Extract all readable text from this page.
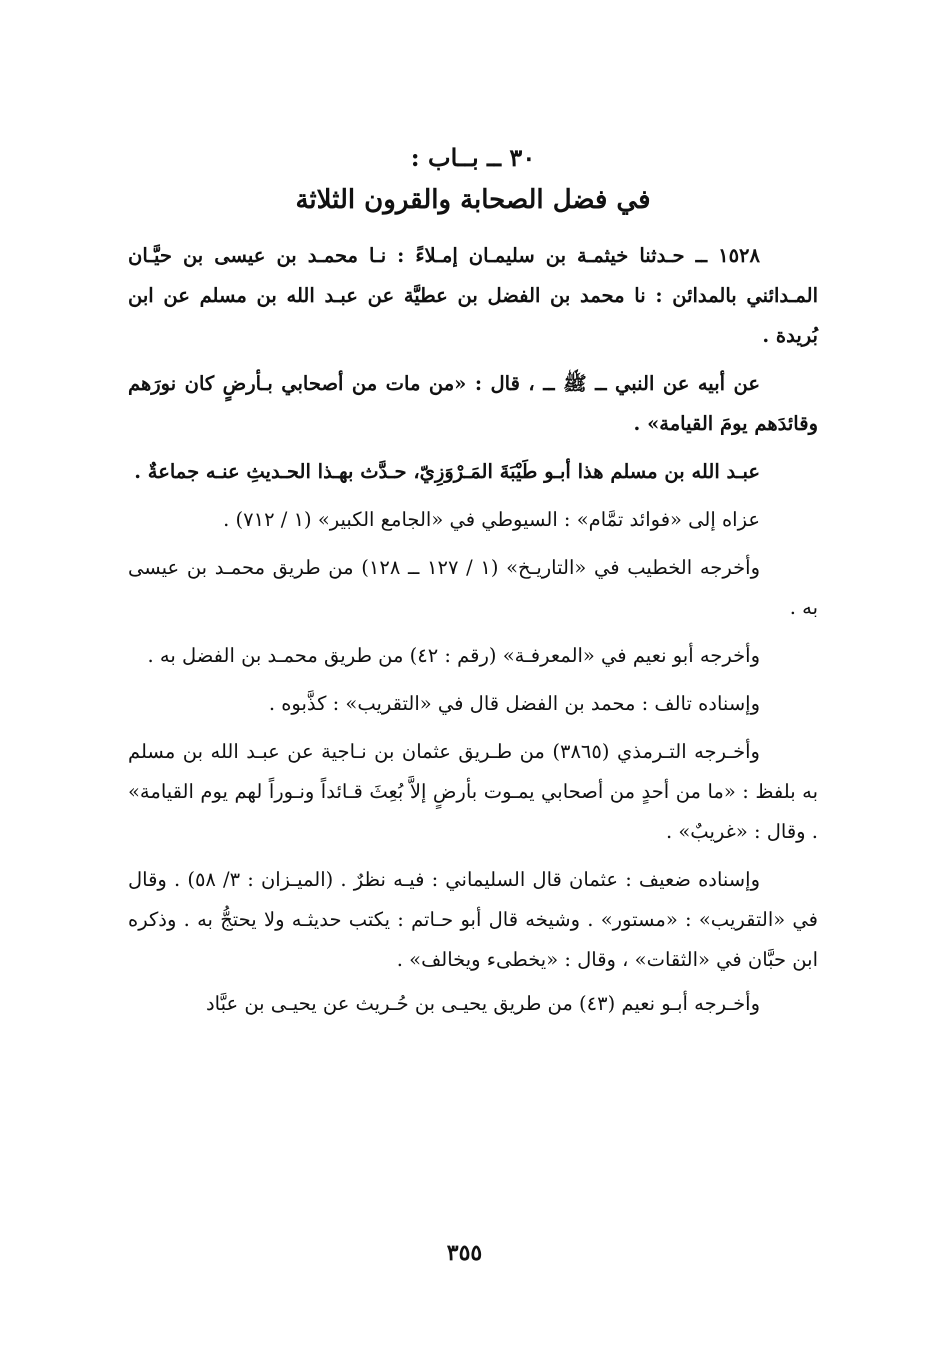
٣٠ ــ بــاب :
في فضل الصحابة والقرون الثلاثة

١٥٢٨ ــ حـدثنا خيثمـة بن سليمـان إمـلاءً : نـا محمـد بن عيسى بن حيَّـان المـدائني بالمدائن : نا محمد بن الفضل بن عطيَّة عن عبـد الله بن مسلم عن ابن بُريدة .

عن أبيه عن النبي ــ ﷺ ــ ، قال : «من مات من أصحابي بـأرضٍ كان نورَهم وقائدَهم يومَ القيامة» .

عبـد الله بن مسلم هذا أبـو طَيْبَةَ المَـرْوَزِيّ، حـدَّث بهـذا الحـديثِ عنـه جماعةٌ .

عزاه إلى «فوائد تمَّام» : السيوطي في «الجامع الكبير» (١ / ٧١٢) .

وأخرجه الخطيب في «التاريـخ» (١ / ١٢٧ ــ ١٢٨) من طريق محمـد بن عيسى به .

وأخرجه أبو نعيم في «المعرفـة» (رقم : ٤٢) من طريق محمـد بن الفضل به .

وإسناده تالف : محمد بن الفضل قال في «التقريب» : كذَّبوه .

وأخـرجه التـرمذي (٣٨٦٥) من طـريق عثمان بن نـاجية عن عبـد الله بن مسلم به بلفظ : «ما من أحدٍ من أصحابي يمـوت بأرضٍ إلاَّ بُعِثَ قـائداً ونـوراً لهم يوم القيامة» . وقال : «غريبٌ» .

وإسناده ضعيف : عثمان قال السليماني : فيـه نظرٌ . (الميـزان : ٣/ ٥٨) . وقال في «التقريب» : «مستور» . وشيخه قال أبو حـاتم : يكتب حديثـه ولا يحتجُّ به . وذكره ابن حبَّان في «الثقات» ، وقال : «يخطىء ويخالف» .

وأخـرجه أبـو نعيم (٤٣) من طريق يحيـى بن حُـريث عن يحيـى بن عبَّاد

٣٥٥
